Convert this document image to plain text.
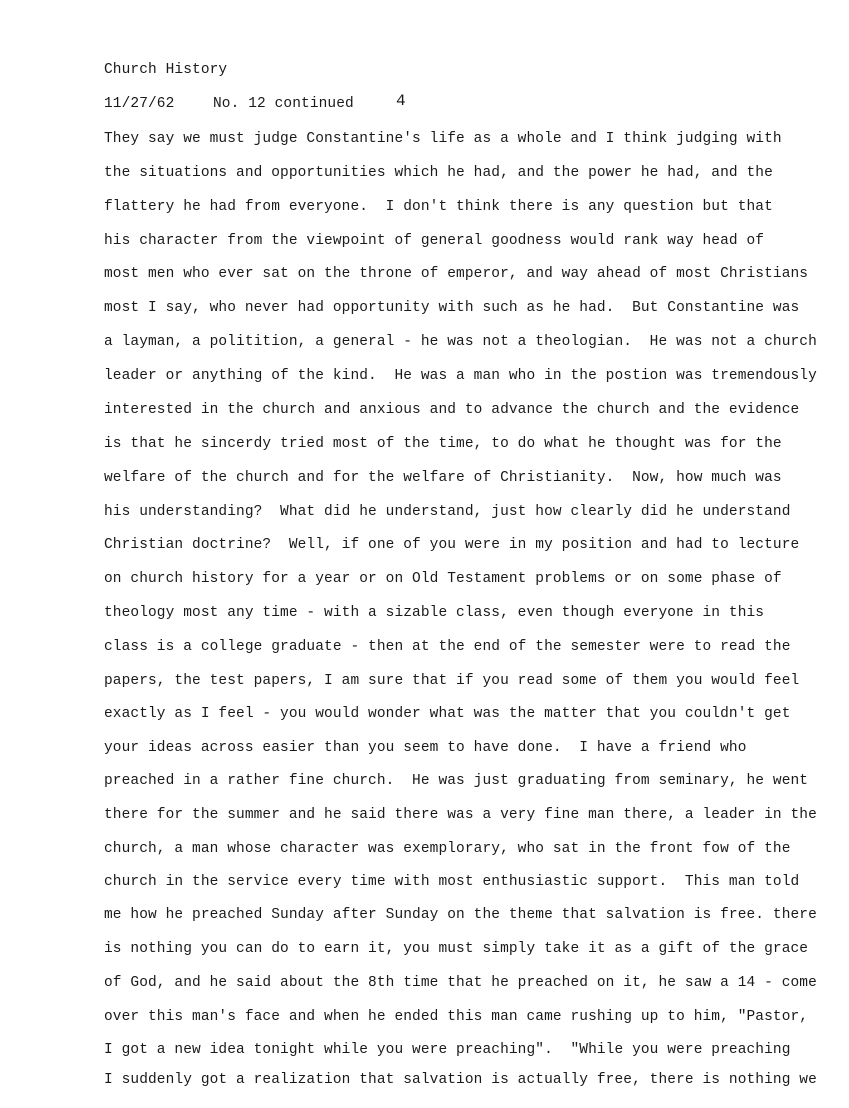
Church History
11/27/62	No. 12 continued	4
They say we must judge Constantine's life as a whole and I think judging with
the situations and opportunities which he had, and the power he had, and the
flattery he had from everyone.  I don't think there is any question but that
his character from the viewpoint of general goodness would rank way head of
most men who ever sat on the throne of emperor, and way ahead of most Christians
most I say, who never had opportunity with such as he had.  But Constantine was
a layman, a politition, a general - he was not a theologian.  He was not a church
leader or anything of the kind.  He was a man who in the postion was tremendously
interested in the church and anxious and to advance the church and the evidence
is that he sincerdy tried most of the time, to do what he thought was for the
welfare of the church and for the welfare of Christianity.  Now, how much was
his understanding?  What did he understand, just how clearly did he understand
Christian doctrine?  Well, if one of you were in my position and had to lecture
on church history for a year or on Old Testament problems or on some phase of
theology most any time - with a sizable class, even though everyone in this
class is a college graduate - then at the end of the semester were to read the
papers, the test papers, I am sure that if you read some of them you would feel
exactly as I feel - you would wonder what was the matter that you couldn't get
your ideas across easier than you seem to have done.  I have a friend who
preached in a rather fine church.  He was just graduating from seminary, he went
there for the summer and he said there was a very fine man there, a leader in the
church, a man whose character was exemplorary, who sat in the front fow of the
church in the service every time with most enthusiastic support.  This man told
me how he preached Sunday after Sunday on the theme that salvation is free. there
is nothing you can do to earn it, you must simply take it as a gift of the grace
of God, and he said about the 8th time that he preached on it, he saw a 14 - come
over this man's face and when he ended this man came rushing up to him, "Pastor,
I got a new idea tonight while you were preaching".  "While you were preaching
I suddenly got a realization that salvation is actually free, there is nothing we
